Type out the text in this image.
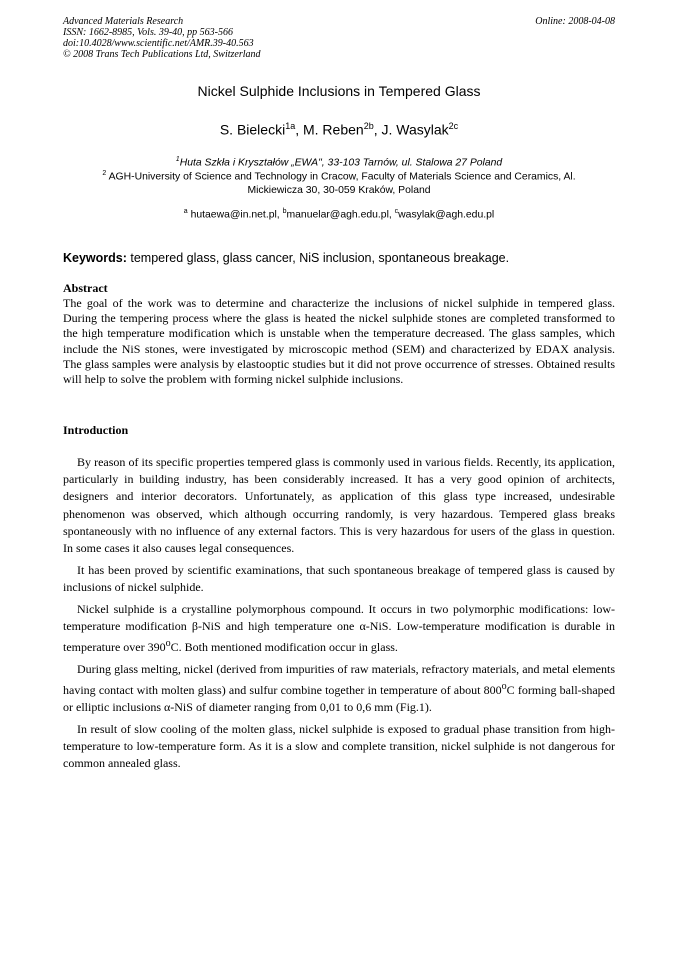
Advanced Materials Research
ISSN: 1662-8985, Vols. 39-40, pp 563-566
doi:10.4028/www.scientific.net/AMR.39-40.563
© 2008 Trans Tech Publications Ltd, Switzerland
Online: 2008-04-08
Nickel Sulphide Inclusions in Tempered Glass
S. Bielecki$^{1a}$, M. Reben$^{2b}$, J. Wasylak$^{2c}$
$^1$Huta Szkła i Kryształów „EWA", 33-103 Tarnów, ul. Stalowa 27 Poland
$^2$ AGH-University of Science and Technology in Cracow, Faculty of Materials Science and Ceramics, Al.
Mickiewicza 30, 30-059 Kraków, Poland
$^a$ hutaewa@in.net.pl, $^b$manuelar@agh.edu.pl, $^c$wasylak@agh.edu.pl
Keywords: tempered glass, glass cancer, NiS inclusion, spontaneous breakage.
Abstract

The goal of the work was to determine and characterize the inclusions of nickel sulphide in tempered glass. During the tempering process where the glass is heated the nickel sulphide stones are completed transformed to the high temperature modification which is unstable when the temperature decreased. The glass samples, which include the NiS stones, were investigated by microscopic method (SEM) and characterized by EDAX analysis. The glass samples were analysis by elastooptic studies but it did not prove occurrence of stresses. Obtained results will help to solve the problem with forming nickel sulphide inclusions.

Introduction

By reason of its specific properties tempered glass is commonly used in various fields. Recently, its application, particularly in building industry, has been considerably increased. It has a very good opinion of architects, designers and interior decorators. Unfortunately, as application of this glass type increased, undesirable phenomenon was observed, which although occurring randomly, is very hazardous. Tempered glass breaks spontaneously with no influence of any external factors. This is very hazardous for users of the glass in question. In some cases it also causes legal consequences.

It has been proved by scientific examinations, that such spontaneous breakage of tempered glass is caused by inclusions of nickel sulphide.

Nickel sulphide is a crystalline polymorphous compound. It occurs in two polymorphic modifications: low-temperature modification β-NiS and high temperature one α-NiS. Low-temperature modification is durable in temperature over 390$^o$C. Both mentioned modification occur in glass.

During glass melting, nickel (derived from impurities of raw materials, refractory materials, and metal elements having contact with molten glass) and sulfur combine together in temperature of about 800$^o$C forming ball-shaped or elliptic inclusions α-NiS of diameter ranging from 0,01 to 0,6 mm (Fig.1).

In result of slow cooling of the molten glass, nickel sulphide is exposed to gradual phase transition from high-temperature to low-temperature form. As it is a slow and complete transition, nickel sulphide is not dangerous for common annealed glass.
